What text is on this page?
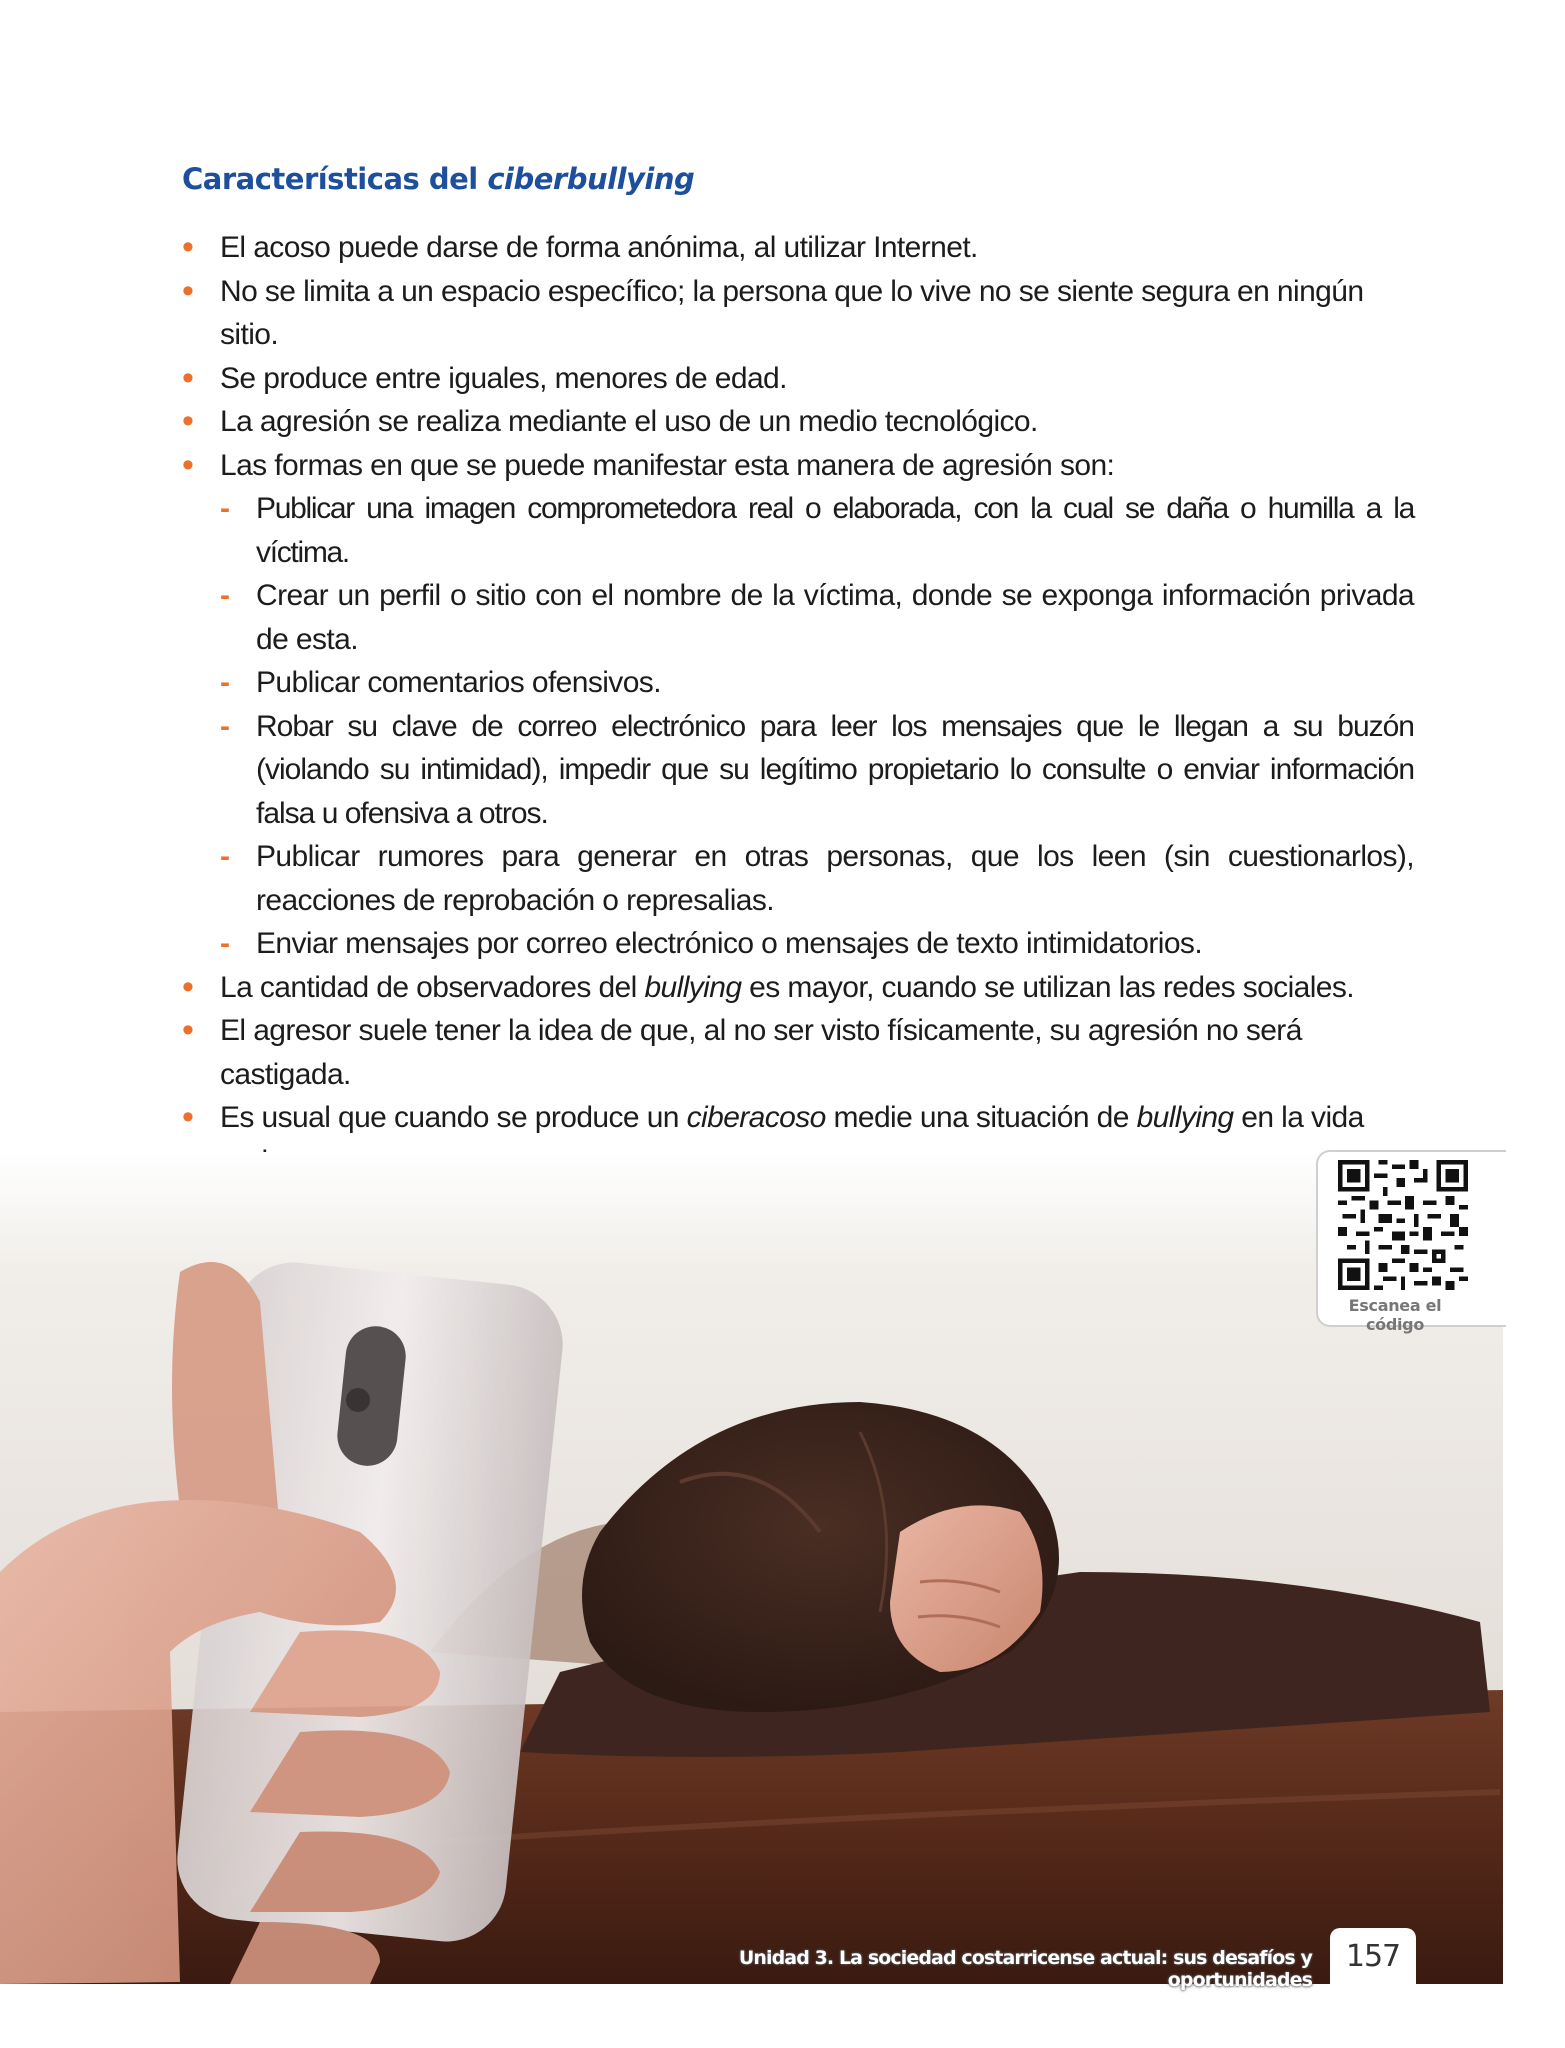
Características del ciberbullying
• El acoso puede darse de forma anónima, al utilizar Internet.
• No se limita a un espacio específico; la persona que lo vive no se siente segura en ningún sitio.
• Se produce entre iguales, menores de edad.
• La agresión se realiza mediante el uso de un medio tecnológico.
• Las formas en que se puede manifestar esta manera de agresión son:
- Publicar una imagen comprometedora real o elaborada, con la cual se daña o humilla a la víctima.
- Crear un perfil o sitio con el nombre de la víctima, donde se exponga información privada de esta.
- Publicar comentarios ofensivos.
- Robar su clave de correo electrónico para leer los mensajes que le llegan a su buzón (violando su intimidad), impedir que su legítimo propietario lo consulte o enviar información falsa u ofensiva a otros.
- Publicar rumores para generar en otras personas, que los leen (sin cuestionarlos), reacciones de reprobación o represalias.
- Enviar mensajes por correo electrónico o mensajes de texto intimidatorios.
• La cantidad de observadores del bullying es mayor, cuando se utilizan las redes sociales.
• El agresor suele tener la idea de que, al no ser visto físicamente, su agresión no será castigada.
• Es usual que cuando se produce un ciberacoso medie una situación de bullying en la vida
•
Escanea el código
Unidad 3. La sociedad costarricense actual: sus desafíos y oportunidades
157
